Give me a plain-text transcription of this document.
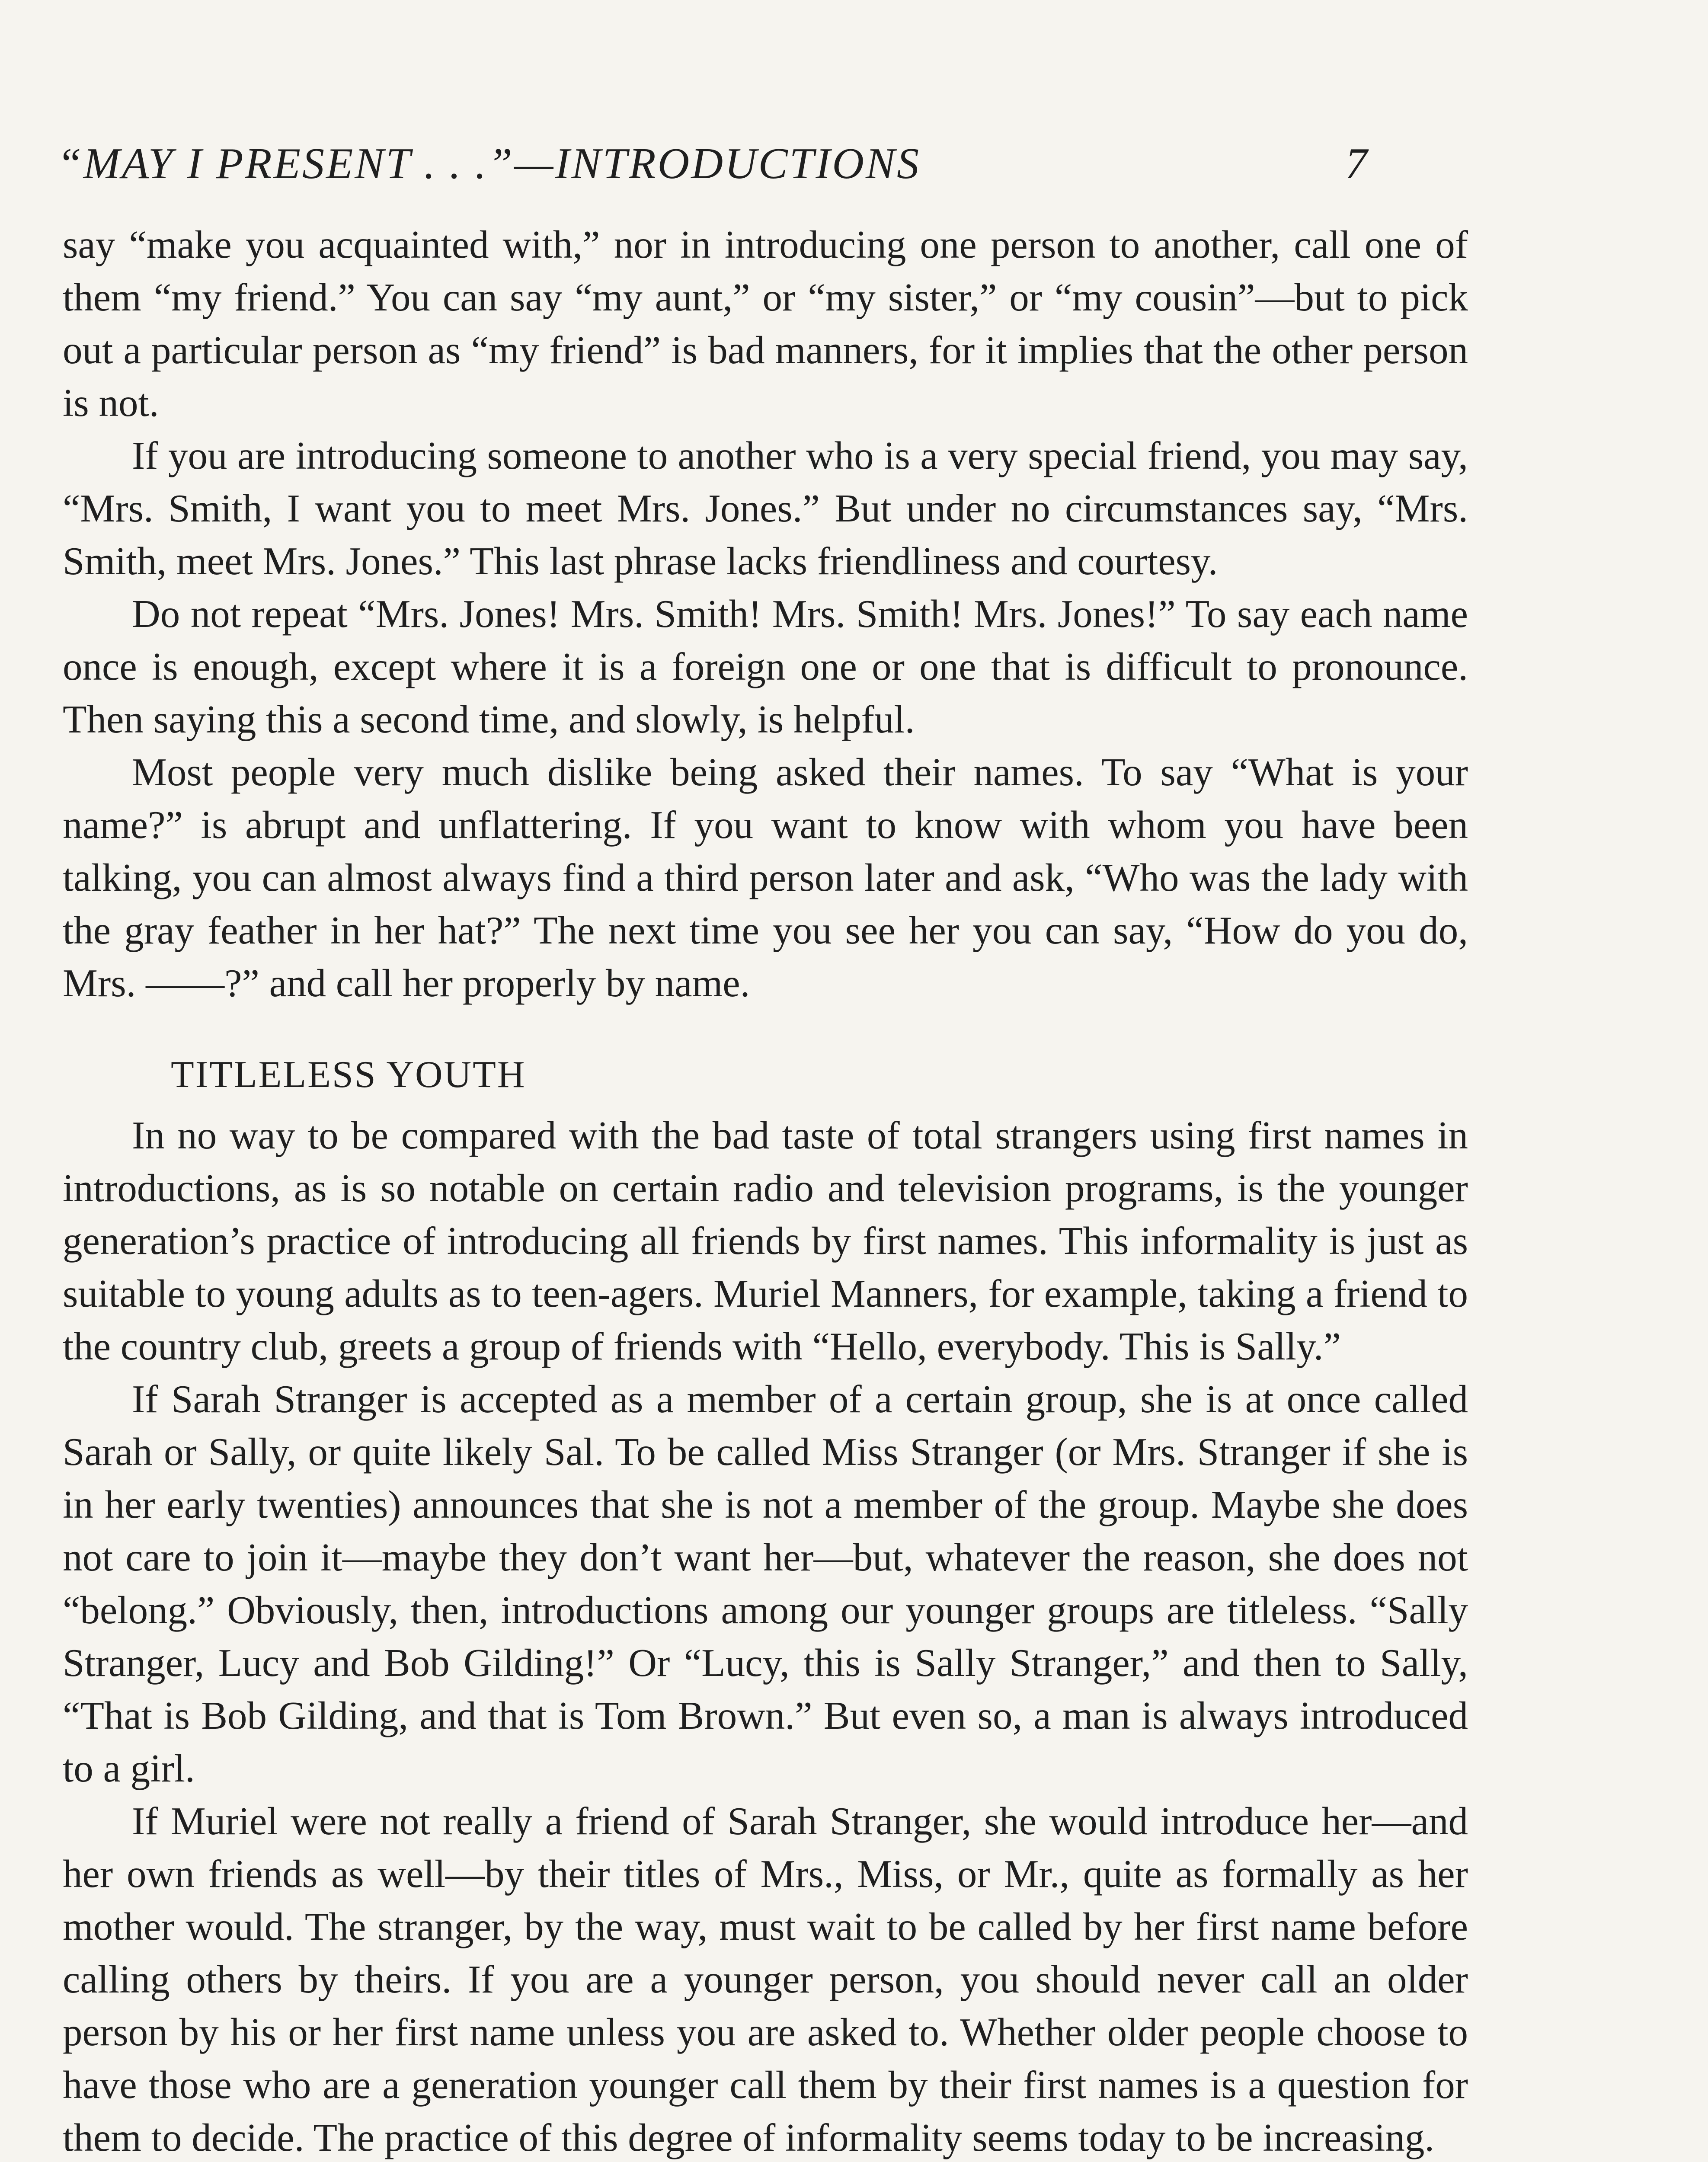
“MAY I PRESENT . . .”—INTRODUCTIONS	7

say “make you acquainted with,” nor in introducing one person to another, call one of them “my friend.” You can say “my aunt,” or “my sister,” or “my cousin”—but to pick out a particular person as “my friend” is bad manners, for it implies that the other person is not.

If you are introducing someone to another who is a very special friend, you may say, “Mrs. Smith, I want you to meet Mrs. Jones.” But under no circumstances say, “Mrs. Smith, meet Mrs. Jones.” This last phrase lacks friendliness and courtesy.

Do not repeat “Mrs. Jones! Mrs. Smith! Mrs. Smith! Mrs. Jones!” To say each name once is enough, except where it is a foreign one or one that is difficult to pronounce. Then saying this a second time, and slowly, is helpful.

Most people very much dislike being asked their names. To say “What is your name?” is abrupt and unflattering. If you want to know with whom you have been talking, you can almost always find a third person later and ask, “Who was the lady with the gray feather in her hat?” The next time you see her you can say, “How do you do, Mrs. ——?” and call her properly by name.

TITLELESS YOUTH

In no way to be compared with the bad taste of total strangers using first names in introductions, as is so notable on certain radio and television programs, is the younger generation’s practice of introducing all friends by first names. This informality is just as suitable to young adults as to teen-agers. Muriel Manners, for example, taking a friend to the country club, greets a group of friends with “Hello, everybody. This is Sally.”

If Sarah Stranger is accepted as a member of a certain group, she is at once called Sarah or Sally, or quite likely Sal. To be called Miss Stranger (or Mrs. Stranger if she is in her early twenties) announces that she is not a member of the group. Maybe she does not care to join it—maybe they don’t want her—but, whatever the reason, she does not “belong.” Obviously, then, introductions among our younger groups are titleless. “Sally Stranger, Lucy and Bob Gilding!” Or “Lucy, this is Sally Stranger,” and then to Sally, “That is Bob Gilding, and that is Tom Brown.” But even so, a man is always introduced to a girl.

If Muriel were not really a friend of Sarah Stranger, she would introduce her—and her own friends as well—by their titles of Mrs., Miss, or Mr., quite as formally as her mother would. The stranger, by the way, must wait to be called by her first name before calling others by theirs. If you are a younger person, you should never call an older person by his or her first name unless you are asked to. Whether older people choose to have those who are a generation younger call them by their first names is a question for them to decide. The practice of this degree of informality seems today to be increasing.
